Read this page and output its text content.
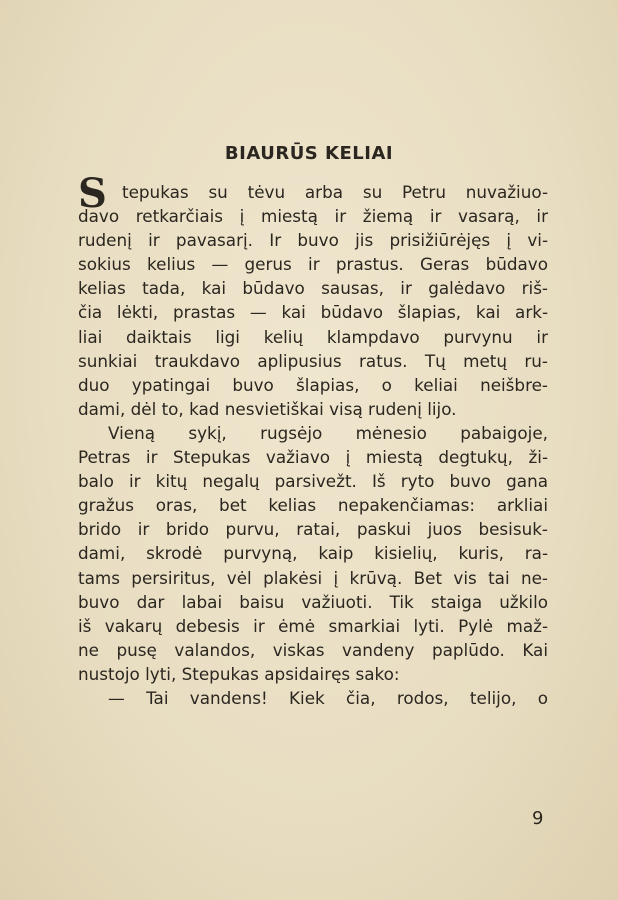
BIAURŪS KELIAI
S tepukas su tėvu arba su Petru nuvažiuo-
davo retkarčiais į miestą ir žiemą ir vasarą, ir
rudenį ir pavasarį. Ir buvo jis prisižiūrėjęs į vi-
sokius kelius — gerus ir prastus. Geras būdavo
kelias tada, kai būdavo sausas, ir galėdavo riš-
čia lėkti, prastas — kai būdavo šlapias, kai ark-
liai daiktais ligi kelių klampdavo purvynu ir
sunkiai traukdavo aplipusius ratus. Tų metų ru-
duo ypatingai buvo šlapias, o keliai neišbre-
dami, dėl to, kad nesvietiškai visą rudenį lijo.
Vieną sykį, rugsėjo mėnesio pabaigoje,
Petras ir Stepukas važiavo į miestą degtukų, ži-
balo ir kitų negalų parsivežt. Iš ryto buvo gana
gražus oras, bet kelias nepakenčiamas: arkliai
brido ir brido purvu, ratai, paskui juos besisuk-
dami, skrodė purvyną, kaip kisielių, kuris, ra-
tams persiritus, vėl plakėsi į krūvą. Bet vis tai ne-
buvo dar labai baisu važiuoti. Tik staiga užkilo
iš vakarų debesis ir ėmė smarkiai lyti. Pylė maž-
ne pusę valandos, viskas vandeny paplūdo. Kai
nustojo lyti, Stepukas apsidairęs sako:
— Tai vandens! Kiek čia, rodos, telijo, o
9
